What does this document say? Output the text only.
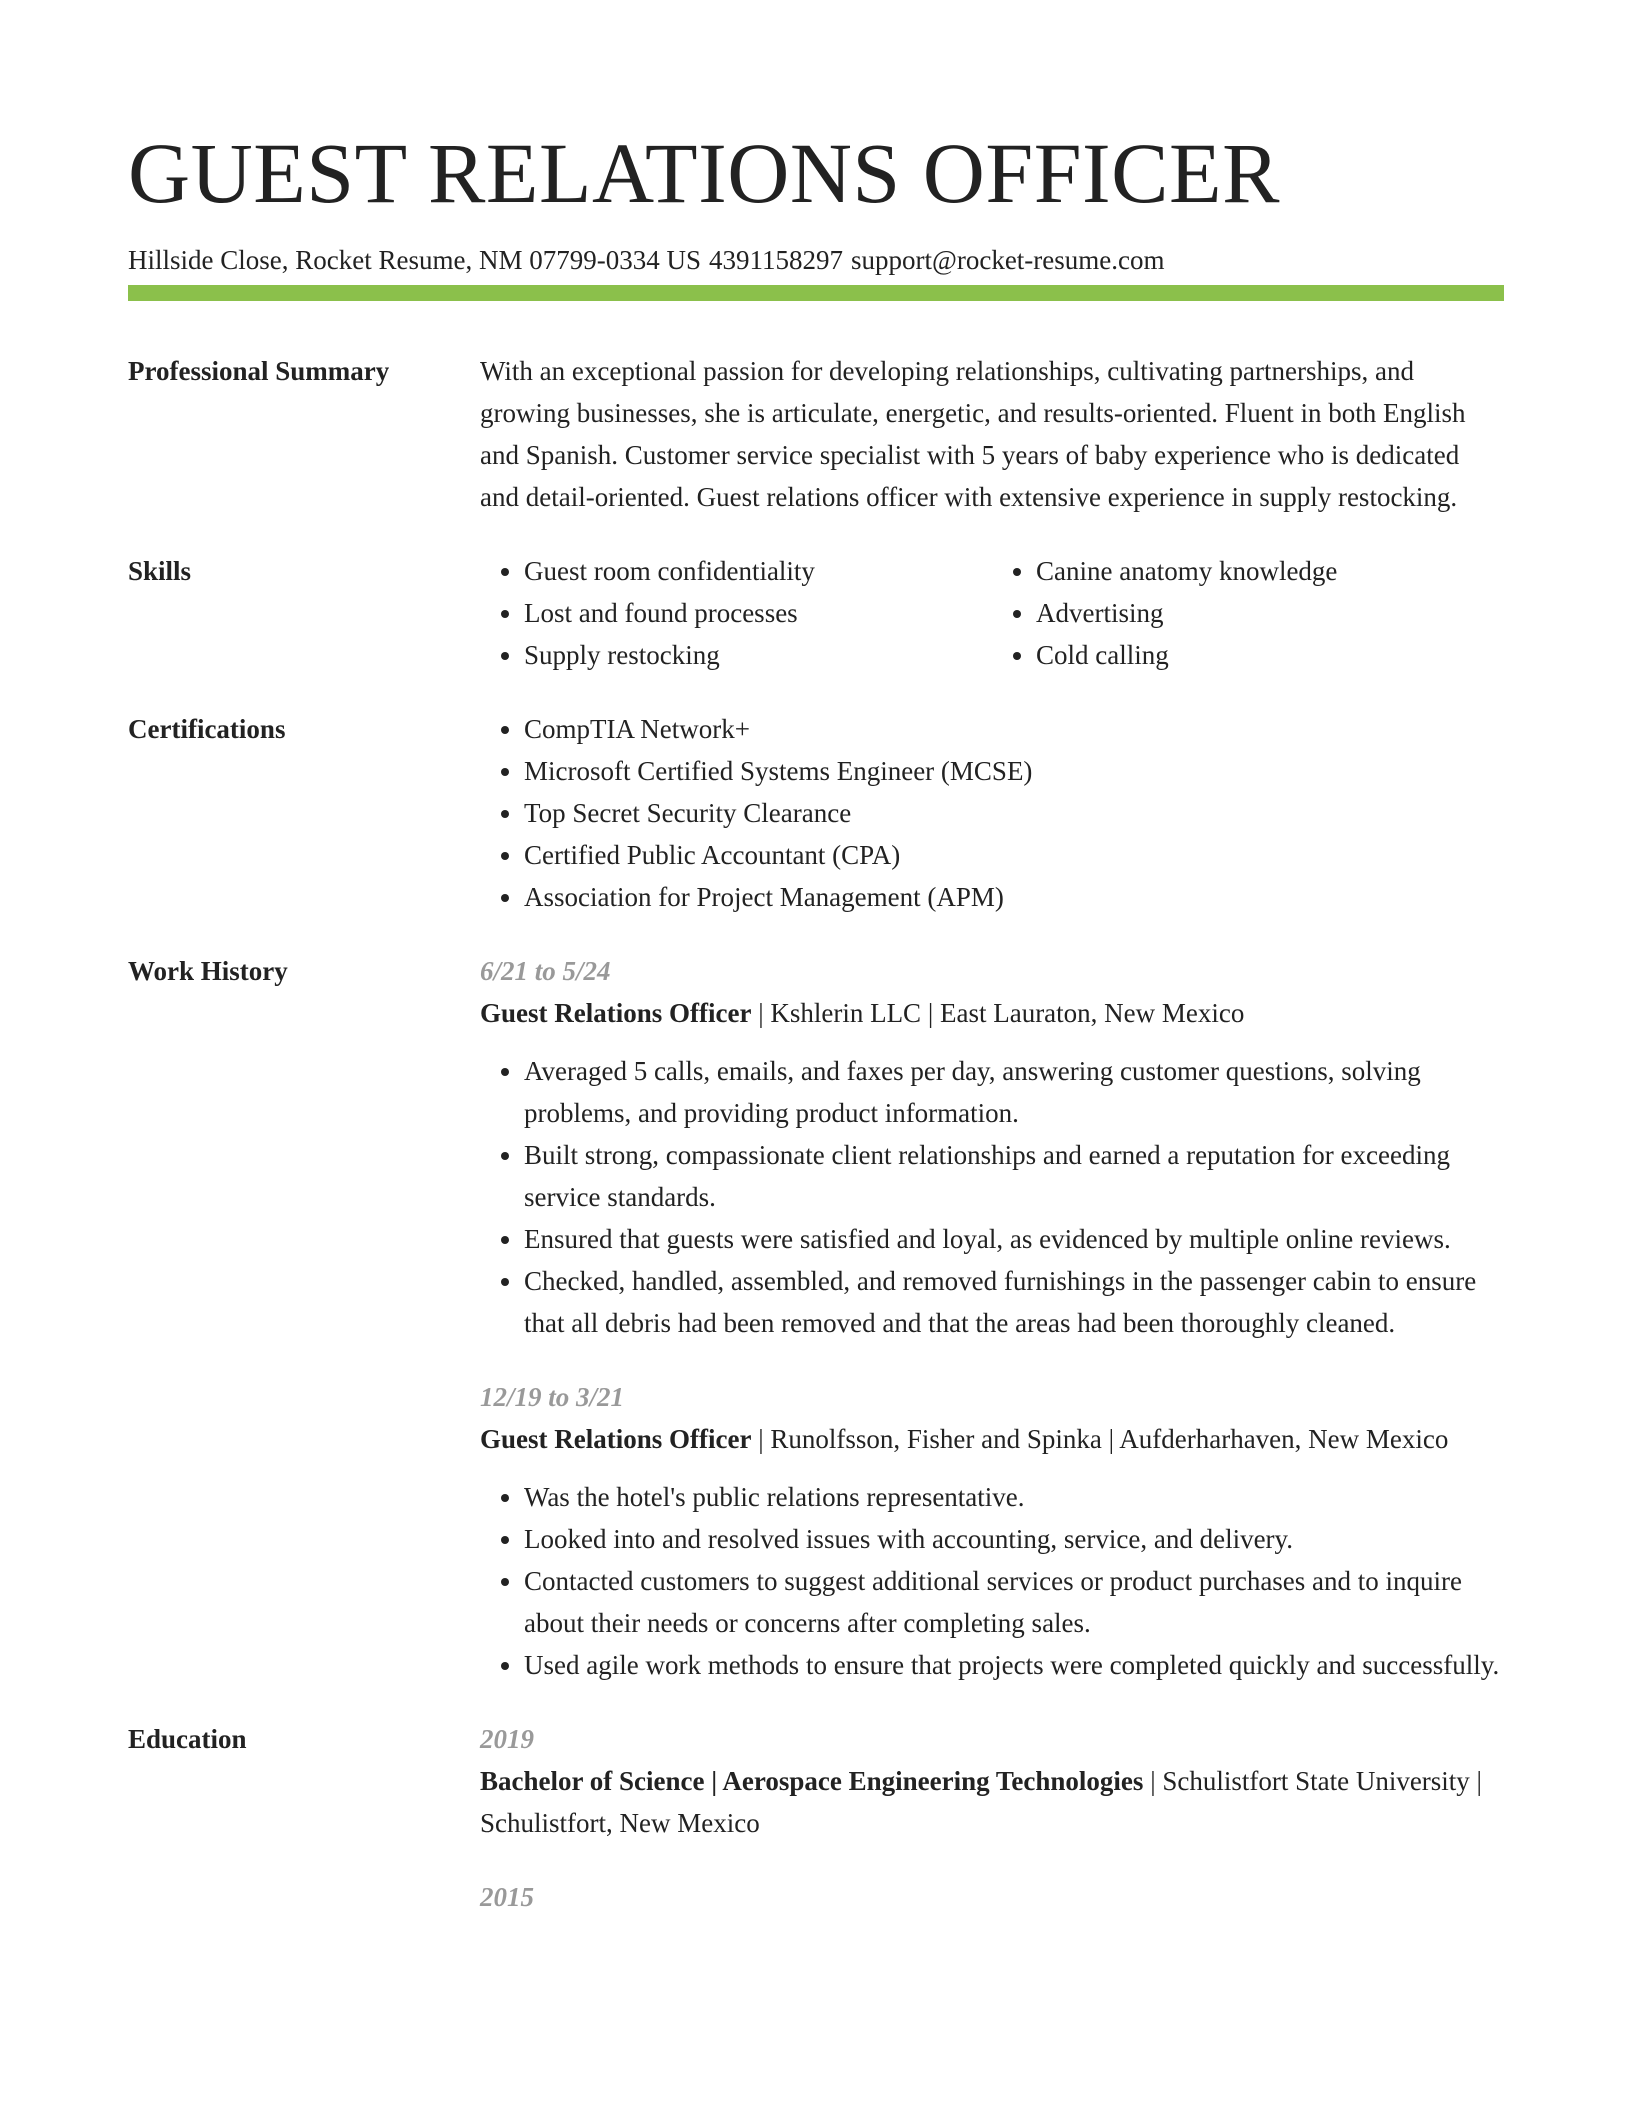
GUEST RELATIONS OFFICER
Hillside Close, Rocket Resume, NM 07799-0334 US 4391158297 support@rocket-resume.com
Professional Summary	With an exceptional passion for developing relationships, cultivating partnerships, and growing businesses, she is articulate, energetic, and results-oriented. Fluent in both English and Spanish. Customer service specialist with 5 years of baby experience who is dedicated and detail-oriented. Guest relations officer with extensive experience in supply restocking.

Skills	• Guest room confidentiality
• Lost and found processes
• Supply restocking
• Canine anatomy knowledge
• Advertising
• Cold calling
Certifications	• CompTIA Network+
• Microsoft Certified Systems Engineer (MCSE)
• Top Secret Security Clearance
• Certified Public Accountant (CPA)
• Association for Project Management (APM)
Work History	6/21 to 5/24
Guest Relations Officer | Kshlerin LLC | East Lauraton, New Mexico
• Averaged 5 calls, emails, and faxes per day, answering customer questions, solving problems, and providing product information.
• Built strong, compassionate client relationships and earned a reputation for exceeding service standards.
• Ensured that guests were satisfied and loyal, as evidenced by multiple online reviews.
• Checked, handled, assembled, and removed furnishings in the passenger cabin to ensure that all debris had been removed and that the areas had been thoroughly cleaned.
12/19 to 3/21
Guest Relations Officer | Runolfsson, Fisher and Spinka | Aufderharhaven, New Mexico
• Was the hotel's public relations representative.
• Looked into and resolved issues with accounting, service, and delivery.
• Contacted customers to suggest additional services or product purchases and to inquire about their needs or concerns after completing sales.
• Used agile work methods to ensure that projects were completed quickly and successfully.
Education	2019
Bachelor of Science | Aerospace Engineering Technologies | Schulistfort State University | Schulistfort, New Mexico
2015
